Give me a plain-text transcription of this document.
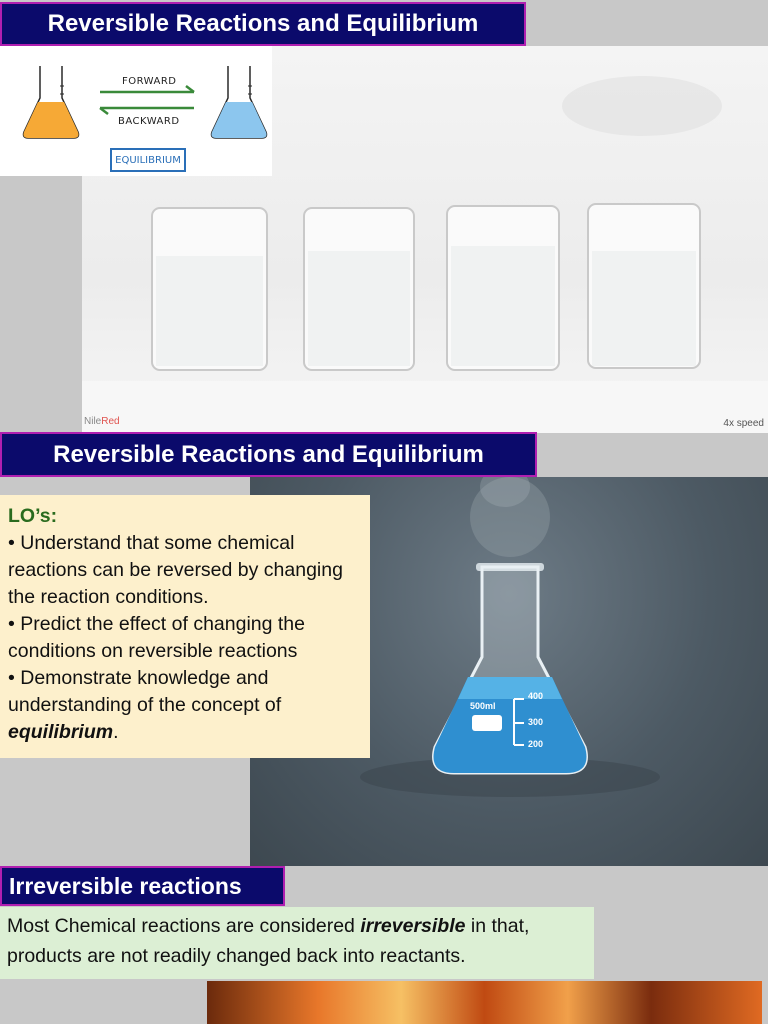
NileRed	4x speed
FORWARD
BACKWARD
EQUILIBRIUM
Reversible Reactions and Equilibrium
Reversible Reactions and Equilibrium
500ml
400
300
200
LO’s:
• Understand that some chemical reactions can be reversed by changing the reaction conditions.
• Predict the effect of changing the conditions on reversible reactions
• Demonstrate knowledge and understanding of the concept of equilibrium.
Irreversible reactions
Most Chemical reactions are considered irreversible in that, products are not readily changed back into reactants.
